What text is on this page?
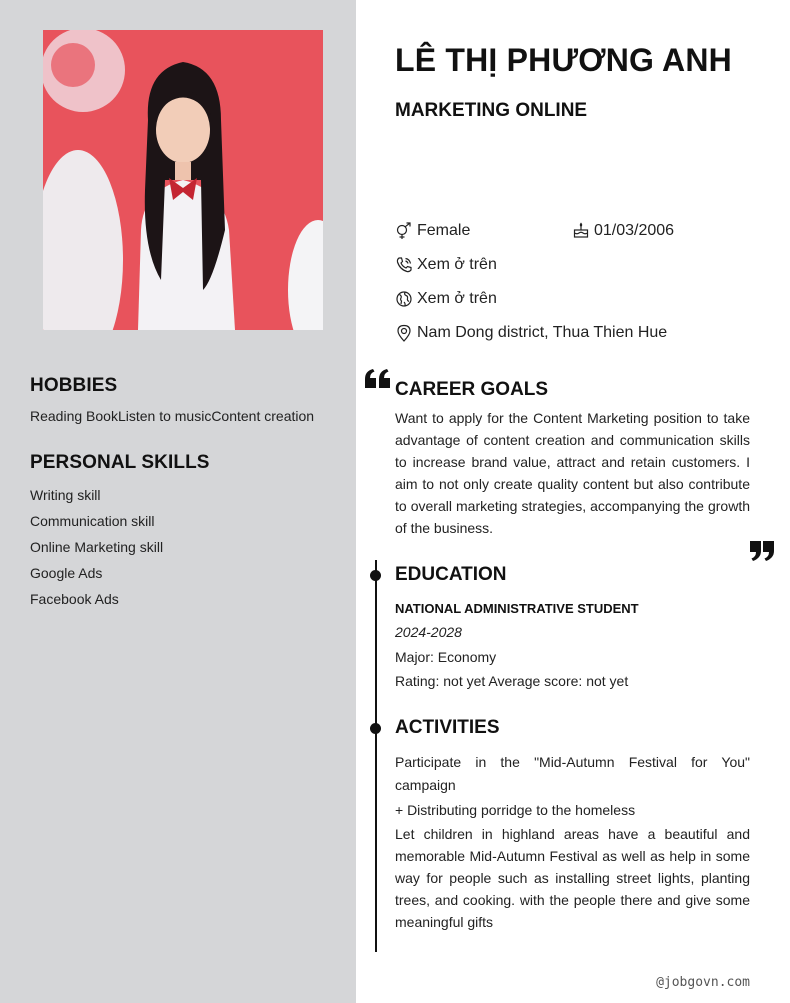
HOBBIES
Reading BookListen to musicContent creation
PERSONAL SKILLS
Writing skill
Communication skill
Online Marketing skill
Google Ads
Facebook Ads
LÊ THỊ PHƯƠNG ANH
MARKETING ONLINE
Female	01/03/2006
Xem ở trên
Xem ở trên
Nam Dong district, Thua Thien Hue
CAREER GOALS
Want to apply for the Content Marketing position to take advantage of content creation and communication skills to increase brand value, attract and retain customers. I aim to not only create quality content but also contribute to overall marketing strategies, accompanying the growth of the business.
EDUCATION
NATIONAL ADMINISTRATIVE STUDENT
2024-2028
Major: Economy
Rating: not yet Average score: not yet
ACTIVITIES
Participate in the "Mid-Autumn Festival for You" campaign
+ Distributing porridge to the homeless
Let children in highland areas have a beautiful and memorable Mid-Autumn Festival as well as help in some way for people such as installing street lights, planting trees, and cooking. with the people there and give some meaningful gifts
@jobgovn.com
